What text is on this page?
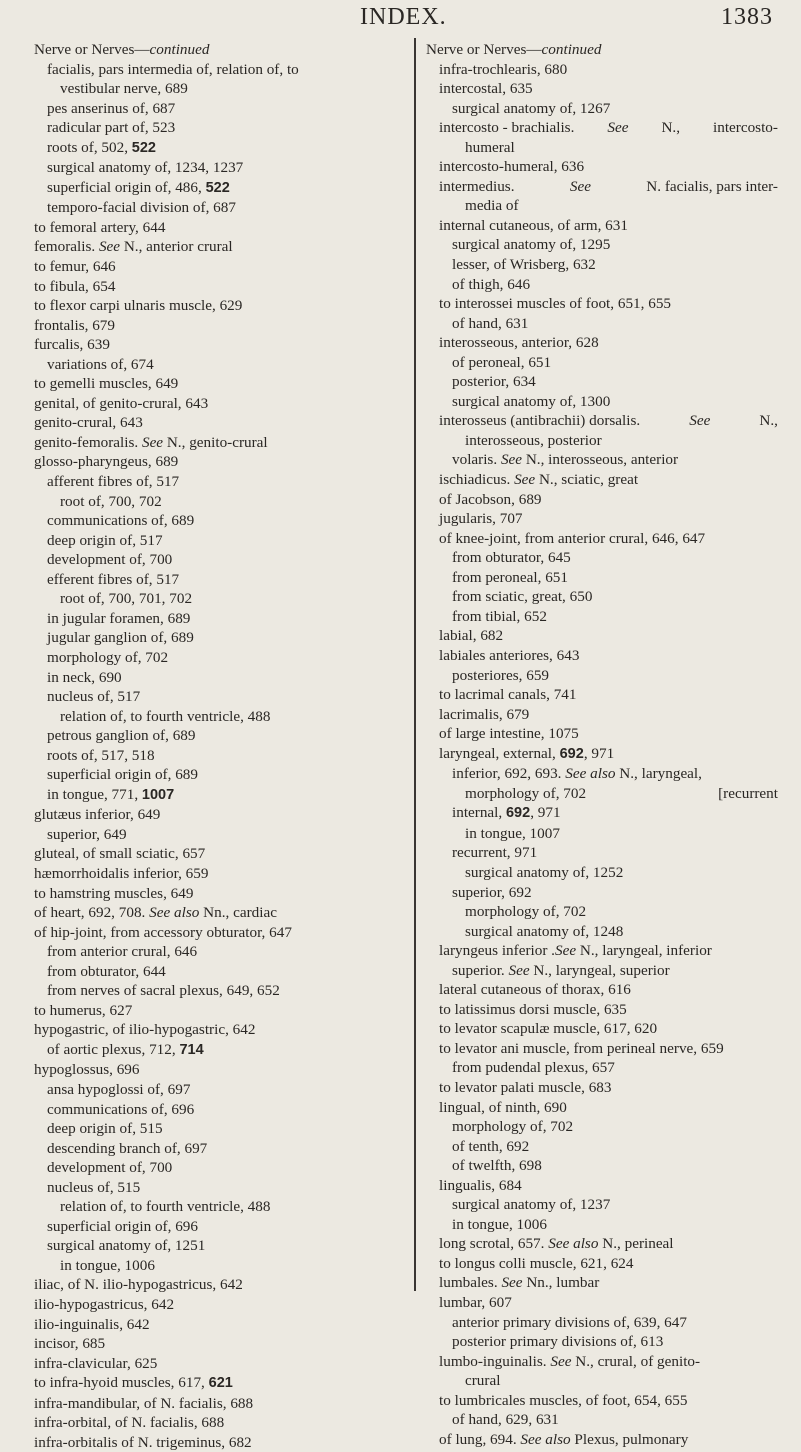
INDEX.	1383
Nerve or Nerves—continued
facialis, pars intermedia of, relation of, to
vestibular nerve, 689
pes anserinus of, 687
radicular part of, 523
roots of, 502, 522
surgical anatomy of, 1234, 1237
superficial origin of, 486, 522
temporo-facial division of, 687
to femoral artery, 644
femoralis. See N., anterior crural
to femur, 646
to fibula, 654
to flexor carpi ulnaris muscle, 629
frontalis, 679
furcalis, 639
variations of, 674
to gemelli muscles, 649
genital, of genito-crural, 643
genito-crural, 643
genito-femoralis. See N., genito-crural
glosso-pharyngeus, 689
afferent fibres of, 517
root of, 700, 702
communications of, 689
deep origin of, 517
development of, 700
efferent fibres of, 517
root of, 700, 701, 702
in jugular foramen, 689
jugular ganglion of, 689
morphology of, 702
in neck, 690
nucleus of, 517
relation of, to fourth ventricle, 488
petrous ganglion of, 689
roots of, 517, 518
superficial origin of, 689
in tongue, 771, 1007
glutæus inferior, 649
superior, 649
gluteal, of small sciatic, 657
hæmorrhoidalis inferior, 659
to hamstring muscles, 649
of heart, 692, 708. See also Nn., cardiac
of hip-joint, from accessory obturator, 647
from anterior crural, 646
from obturator, 644
from nerves of sacral plexus, 649, 652
to humerus, 627
hypogastric, of ilio-hypogastric, 642
of aortic plexus, 712, 714
hypoglossus, 696
ansa hypoglossi of, 697
communications of, 696
deep origin of, 515
descending branch of, 697
development of, 700
nucleus of, 515
relation of, to fourth ventricle, 488
superficial origin of, 696
surgical anatomy of, 1251
in tongue, 1006
iliac, of N. ilio-hypogastricus, 642
ilio-hypogastricus, 642
ilio-inguinalis, 642
incisor, 685
infra-clavicular, 625
to infra-hyoid muscles, 617, 621
infra-mandibular, of N. facialis, 688
infra-orbital, of N. facialis, 688
infra-orbitalis of N. trigeminus, 682
Nerve or Nerves—continued
infra-trochlearis, 680
intercostal, 635
surgical anatomy of, 1267
intercosto - brachialis. See N., intercosto-
humeral
intercosto-humeral, 636
intermedius.	See	N. facialis, pars inter-
media of
internal cutaneous, of arm, 631
surgical anatomy of, 1295
lesser, of Wrisberg, 632
of thigh, 646
to interossei muscles of foot, 651, 655
of hand, 631
interosseous, anterior, 628
of peroneal, 651
posterior, 634
surgical anatomy of, 1300
interosseus (antibrachii) dorsalis.	See	N.,
interosseous, posterior
volaris. See N., interosseous, anterior
ischiadicus. See N., sciatic, great
of Jacobson, 689
jugularis, 707
of knee-joint, from anterior crural, 646, 647
from obturator, 645
from peroneal, 651
from sciatic, great, 650
from tibial, 652
labial, 682
labiales anteriores, 643
posteriores, 659
to lacrimal canals, 741
lacrimalis, 679
of large intestine, 1075
laryngeal, external, 692, 971
inferior, 692, 693. See also N., laryngeal,
morphology of, 702	[recurrent
internal, 692, 971
in tongue, 1007
recurrent, 971
surgical anatomy of, 1252
superior, 692
morphology of, 702
surgical anatomy of, 1248
laryngeus inferior .See N., laryngeal, inferior
superior. See N., laryngeal, superior
lateral cutaneous of thorax, 616
to latissimus dorsi muscle, 635
to levator scapulæ muscle, 617, 620
to levator ani muscle, from perineal nerve, 659
from pudendal plexus, 657
to levator palati muscle, 683
lingual, of ninth, 690
morphology of, 702
of tenth, 692
of twelfth, 698
lingualis, 684
surgical anatomy of, 1237
in tongue, 1006
long scrotal, 657. See also N., perineal
to longus colli muscle, 621, 624
lumbales. See Nn., lumbar
lumbar, 607
anterior primary divisions of, 639, 647
posterior primary divisions of, 613
lumbo-inguinalis. See N., crural, of genito-
crural
to lumbricales muscles, of foot, 654, 655
of hand, 629, 631
of lung, 694. See also Plexus, pulmonary
